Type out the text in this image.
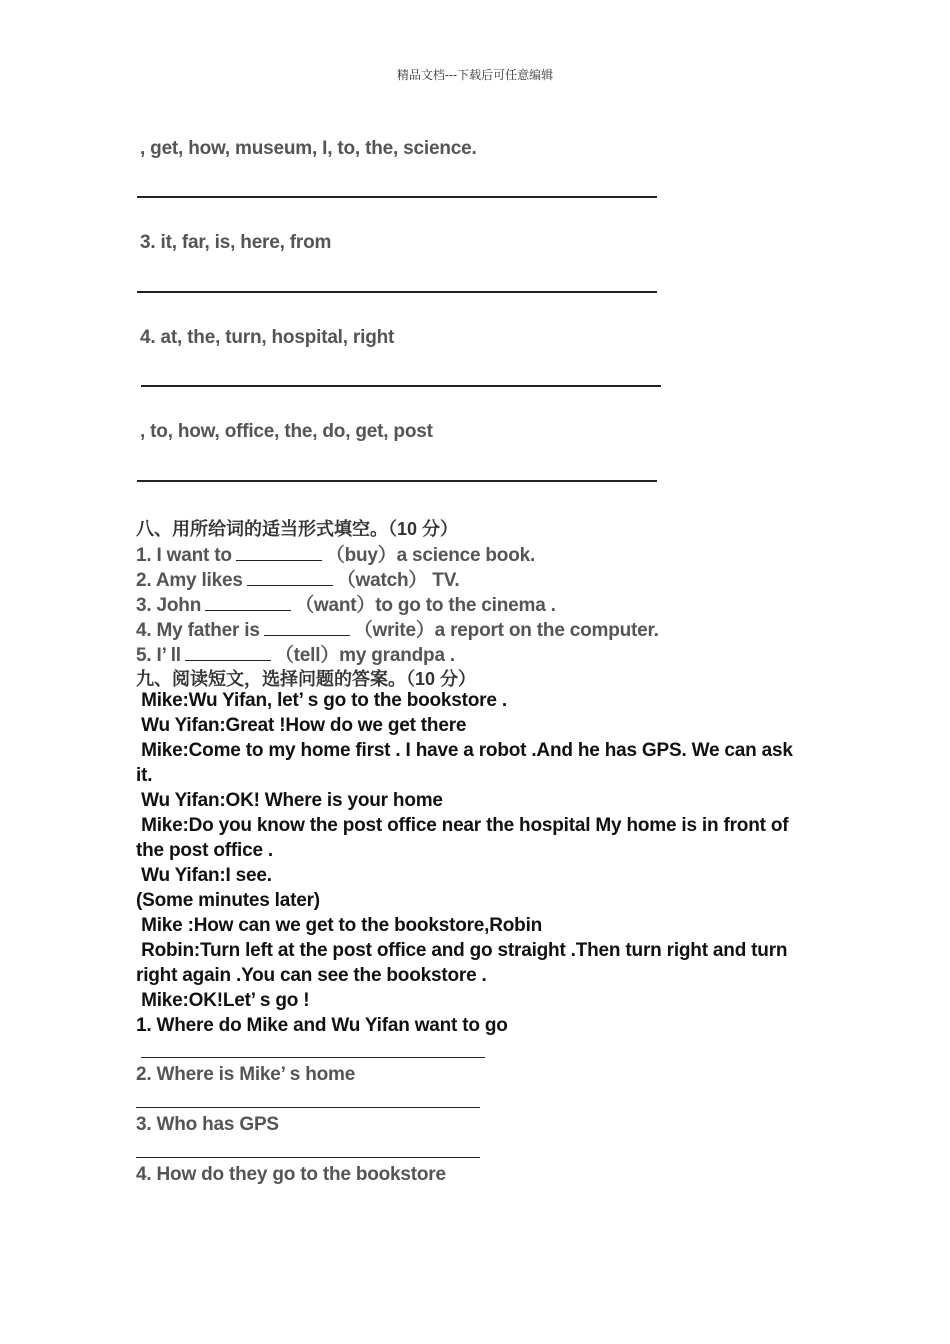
精品文档---下载后可任意编辑
, get, how, museum, I, to, the, science.
3. it, far, is, here, from
4. at, the, turn, hospital, right
, to, how, office, the, do, get, post
八、用所给词的适当形式填空。（10 分）
1. I want to	（buy）a science book.
2. Amy likes	（watch） TV.
3. John	（want）to go to the cinema .
4. My father is	（write）a report on the computer.
5. I’ ll	（tell）my grandpa .
九、阅读短文，选择问题的答案。（10 分）
Mike:Wu Yifan, let’ s go to the bookstore .
Wu Yifan:Great !How do we get there
Mike:Come to my home first . I have a robot .And he has GPS. We can ask
it.
Wu Yifan:OK! Where is your home
Mike:Do you know the post office near the hospital My home is in front of
the post office .
Wu Yifan:I see.
(Some minutes later)
Mike :How can we get to the bookstore,Robin
Robin:Turn left at the post office and go straight .Then turn right and turn
right again .You can see the bookstore .
Mike:OK!Let’ s go !
1. Where do Mike and Wu Yifan want to go
2. Where is Mike’ s home
3. Who has GPS
4. How do they go to the bookstore
